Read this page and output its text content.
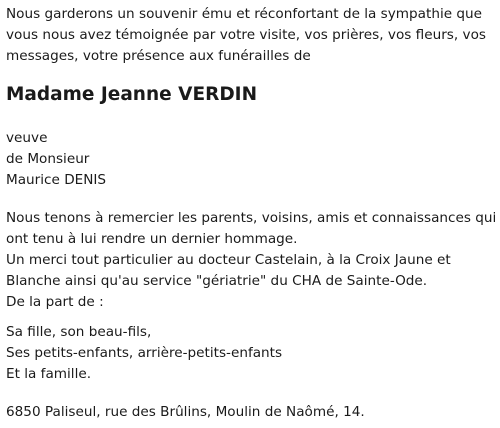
Nous garderons un souvenir ému et réconfortant de la sympathie que

vous nous avez témoignée par votre visite, vos prières, vos fleurs, vos

messages, votre présence aux funérailles de

Madame Jeanne VERDIN

veuve

de Monsieur

Maurice DENIS

Nous tenons à remercier les parents, voisins, amis et connaissances qui

ont tenu à lui rendre un dernier hommage.

Un merci tout particulier au docteur Castelain, à la Croix Jaune et

Blanche ainsi qu'au service "gériatrie" du CHA de Sainte-Ode.

De la part de :

Sa fille, son beau-fils,

Ses petits-enfants, arrière-petits-enfants

Et la famille.

6850 Paliseul, rue des Brûlins, Moulin de Naômé, 14.
